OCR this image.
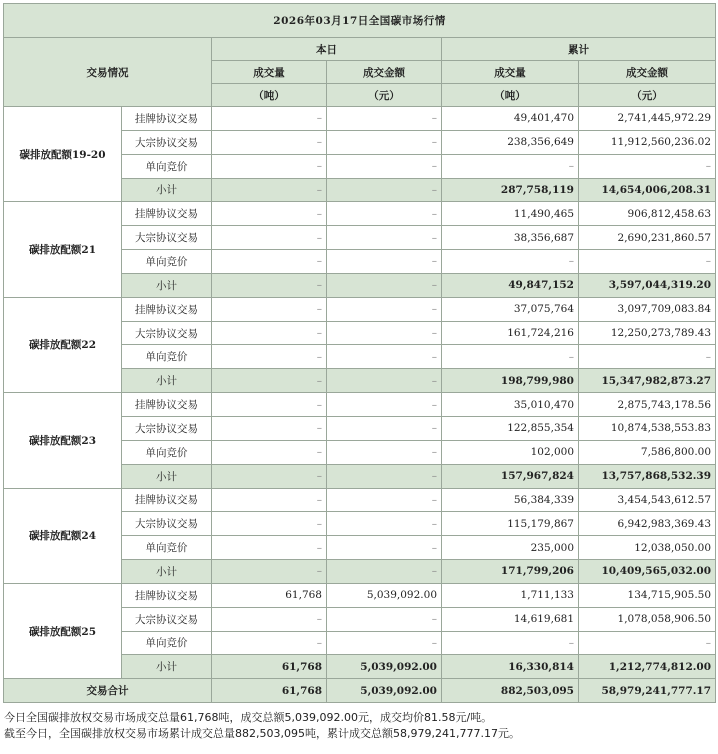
2026年03月17日全国碳市场行情					
交易情况		本日		累计	
		成交量	成交金额	成交量	成交金额
		（吨）	（元）	（吨）	（元）
碳排放配额19-20	挂牌协议交易	–	–	49,401,470	2,741,445,972.29
	大宗协议交易	–	–	238,356,649	11,912,560,236.02
	单向竞价	–	–	–	–
	小计	–	–	287,758,119	14,654,006,208.31
碳排放配额21	挂牌协议交易	–	–	11,490,465	906,812,458.63
	大宗协议交易	–	–	38,356,687	2,690,231,860.57
	单向竞价	–	–	–	–
	小计	–	–	49,847,152	3,597,044,319.20
碳排放配额22	挂牌协议交易	–	–	37,075,764	3,097,709,083.84
	大宗协议交易	–	–	161,724,216	12,250,273,789.43
	单向竞价	–	–	–	–
	小计	–	–	198,799,980	15,347,982,873.27
碳排放配额23	挂牌协议交易	–	–	35,010,470	2,875,743,178.56
	大宗协议交易	–	–	122,855,354	10,874,538,553.83
	单向竞价	–	–	102,000	7,586,800.00
	小计	–	–	157,967,824	13,757,868,532.39
碳排放配额24	挂牌协议交易	–	–	56,384,339	3,454,543,612.57
	大宗协议交易	–	–	115,179,867	6,942,983,369.43
	单向竞价	–	–	235,000	12,038,050.00
	小计	–	–	171,799,206	10,409,565,032.00
碳排放配额25	挂牌协议交易	61,768	5,039,092.00	1,711,133	134,715,905.50
	大宗协议交易	–	–	14,619,681	1,078,058,906.50
	单向竞价	–	–	–	–
	小计	61,768	5,039,092.00	16,330,814	1,212,774,812.00
交易合计		61,768	5,039,092.00	882,503,095	58,979,241,777.17
今日全国碳排放权交易市场成交总量61,768吨，成交总额5,039,092.00元，成交均价81.58元/吨。
截至今日，全国碳排放权交易市场累计成交总量882,503,095吨，累计成交总额58,979,241,777.17元。
